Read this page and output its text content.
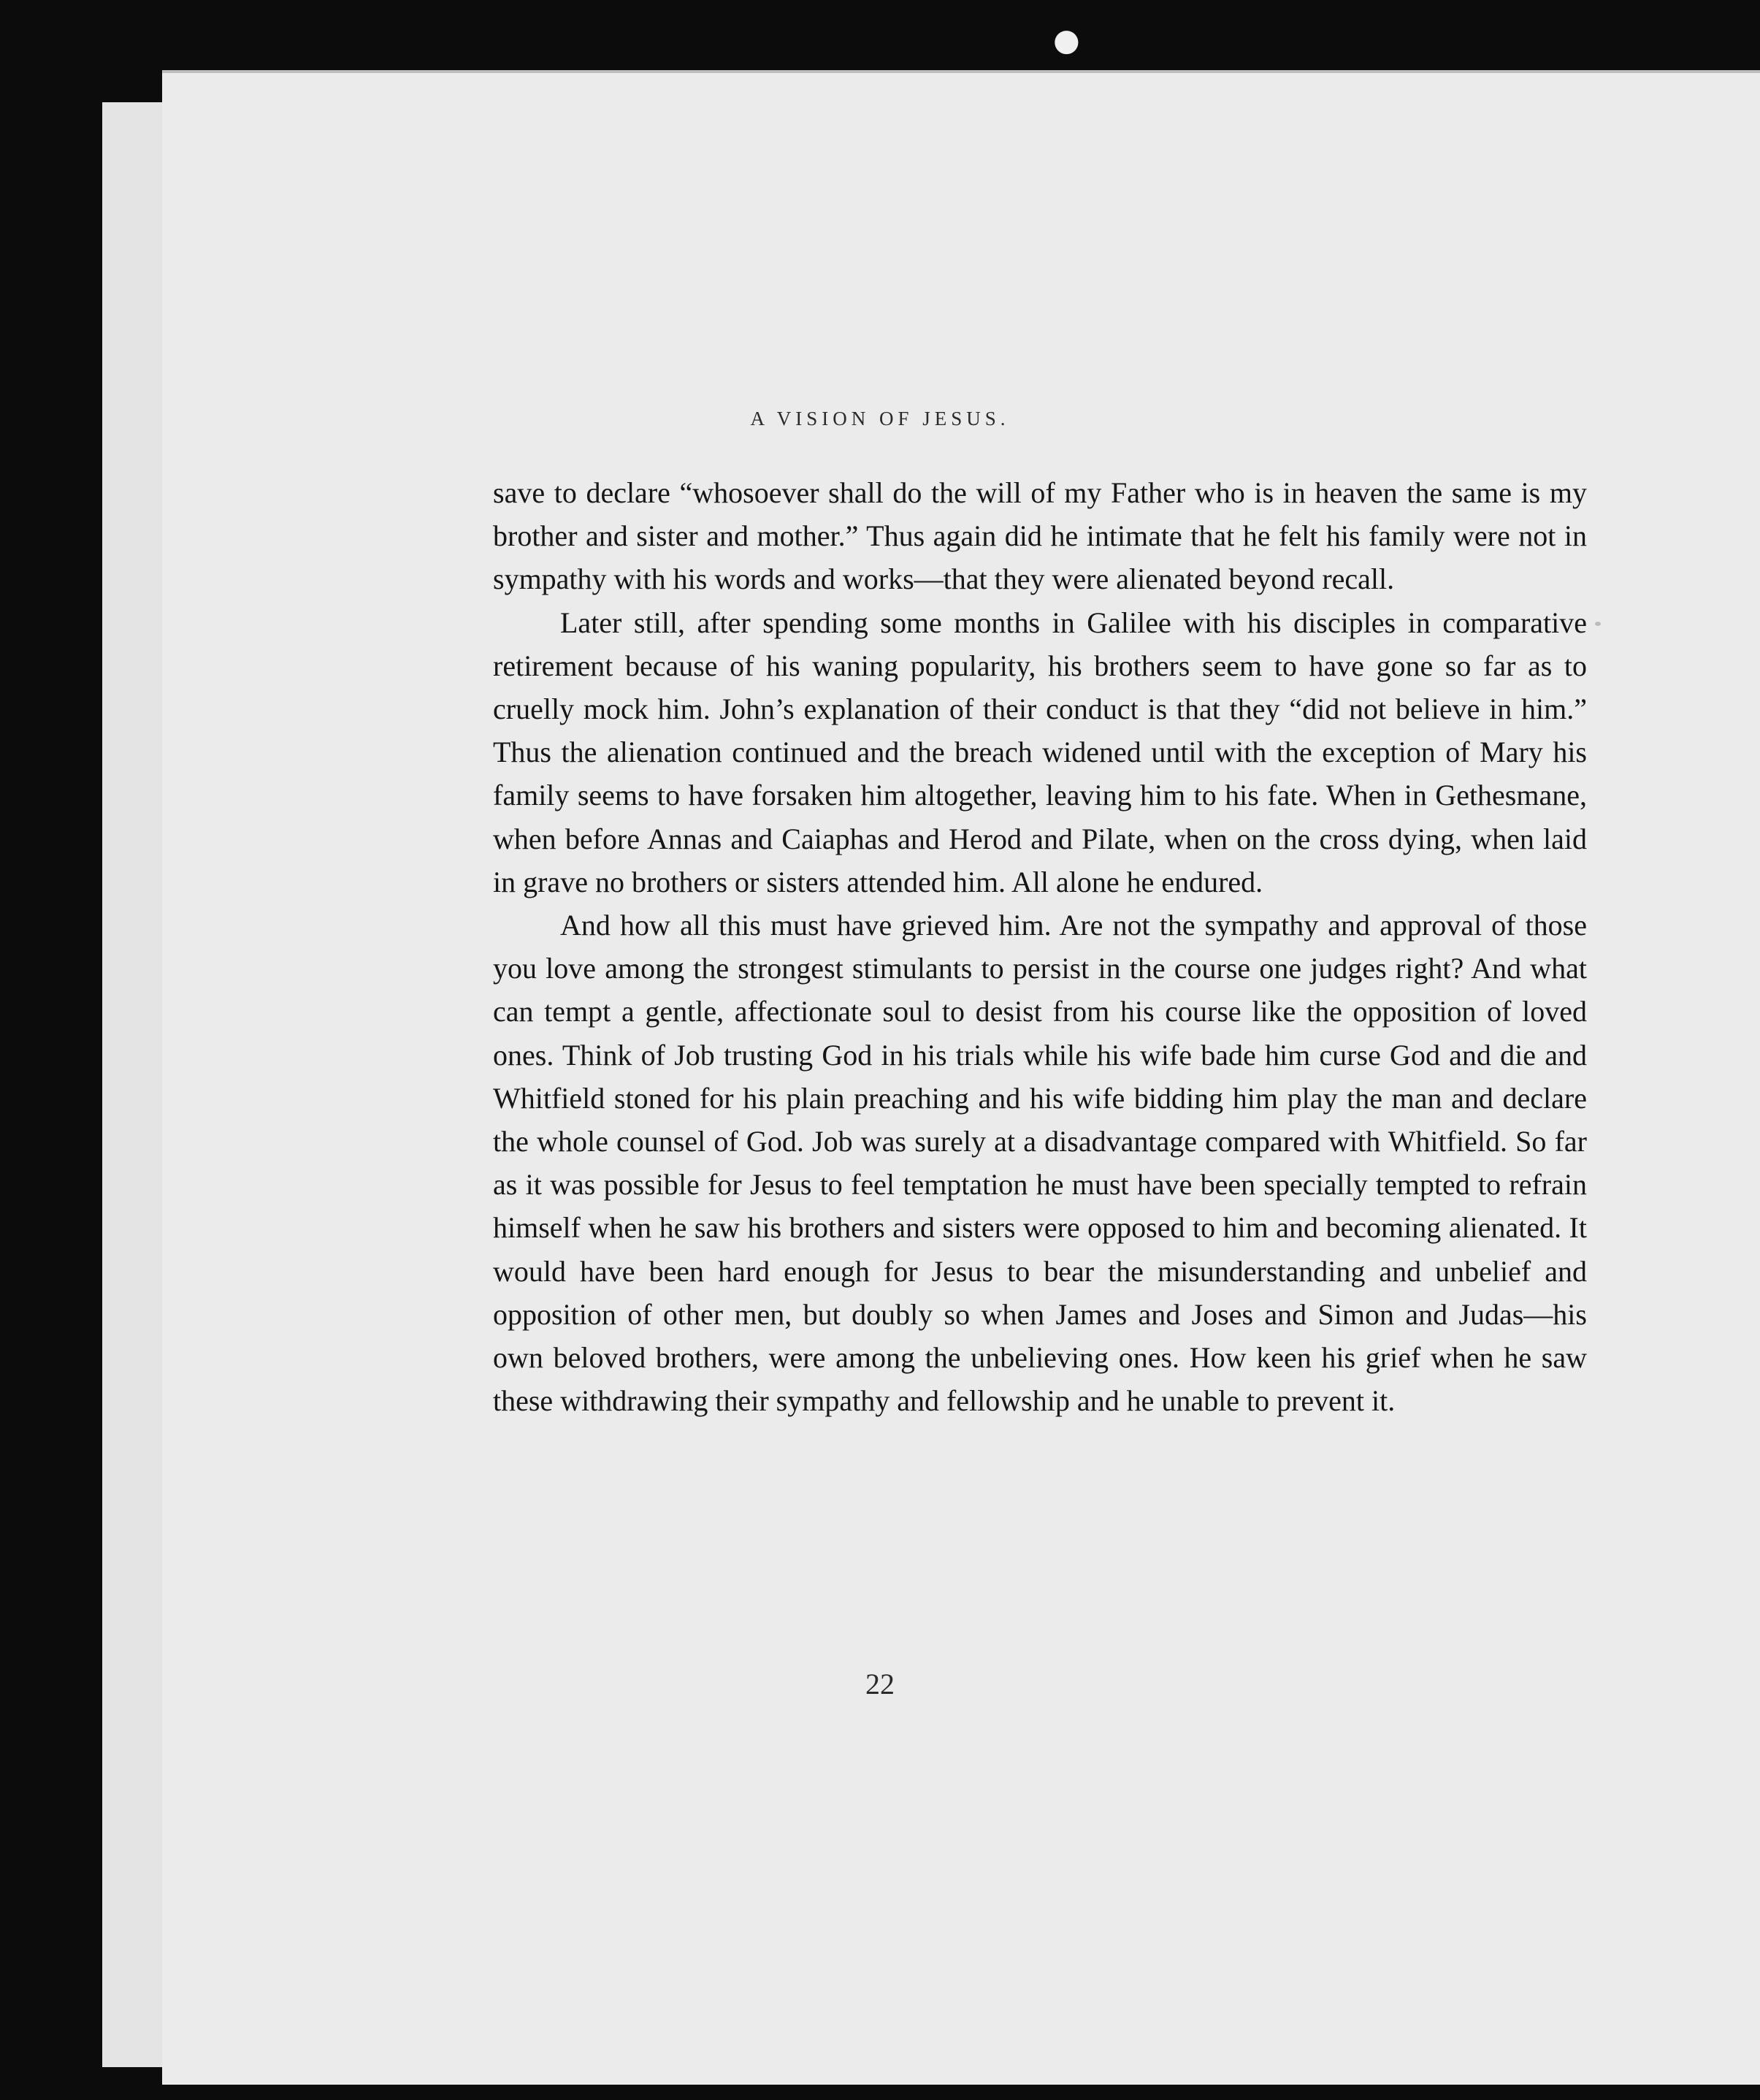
●
A VISION OF JESUS.

save to declare “whosoever shall do the will of my Father who is in heaven the same is my brother and sister and mother.” Thus again did he intimate that he felt his family were not in sympathy with his words and works—that they were alienated beyond recall.

Later still, after spending some months in Galilee with his disciples in comparative retirement because of his waning popularity, his brothers seem to have gone so far as to cruelly mock him. John’s explanation of their conduct is that they “did not believe in him.” Thus the alienation continued and the breach widened until with the exception of Mary his family seems to have forsaken him altogether, leaving him to his fate. When in Gethesmane, when before Annas and Caiaphas and Herod and Pilate, when on the cross dying, when laid in grave no brothers or sisters attended him. All alone he endured.

And how all this must have grieved him. Are not the sympathy and approval of those you love among the strongest stimulants to persist in the course one judges right? And what can tempt a gentle, affectionate soul to desist from his course like the opposition of loved ones. Think of Job trusting God in his trials while his wife bade him curse God and die and Whitfield stoned for his plain preaching and his wife bidding him play the man and declare the whole counsel of God. Job was surely at a disadvantage compared with Whitfield. So far as it was possible for Jesus to feel temptation he must have been specially tempted to refrain himself when he saw his brothers and sisters were opposed to him and becoming alienated. It would have been hard enough for Jesus to bear the misunderstanding and unbelief and opposition of other men, but doubly so when James and Joses and Simon and Judas—his own beloved brothers, were among the unbelieving ones. How keen his grief when he saw these withdrawing their sympathy and fellowship and he unable to prevent it.

22
